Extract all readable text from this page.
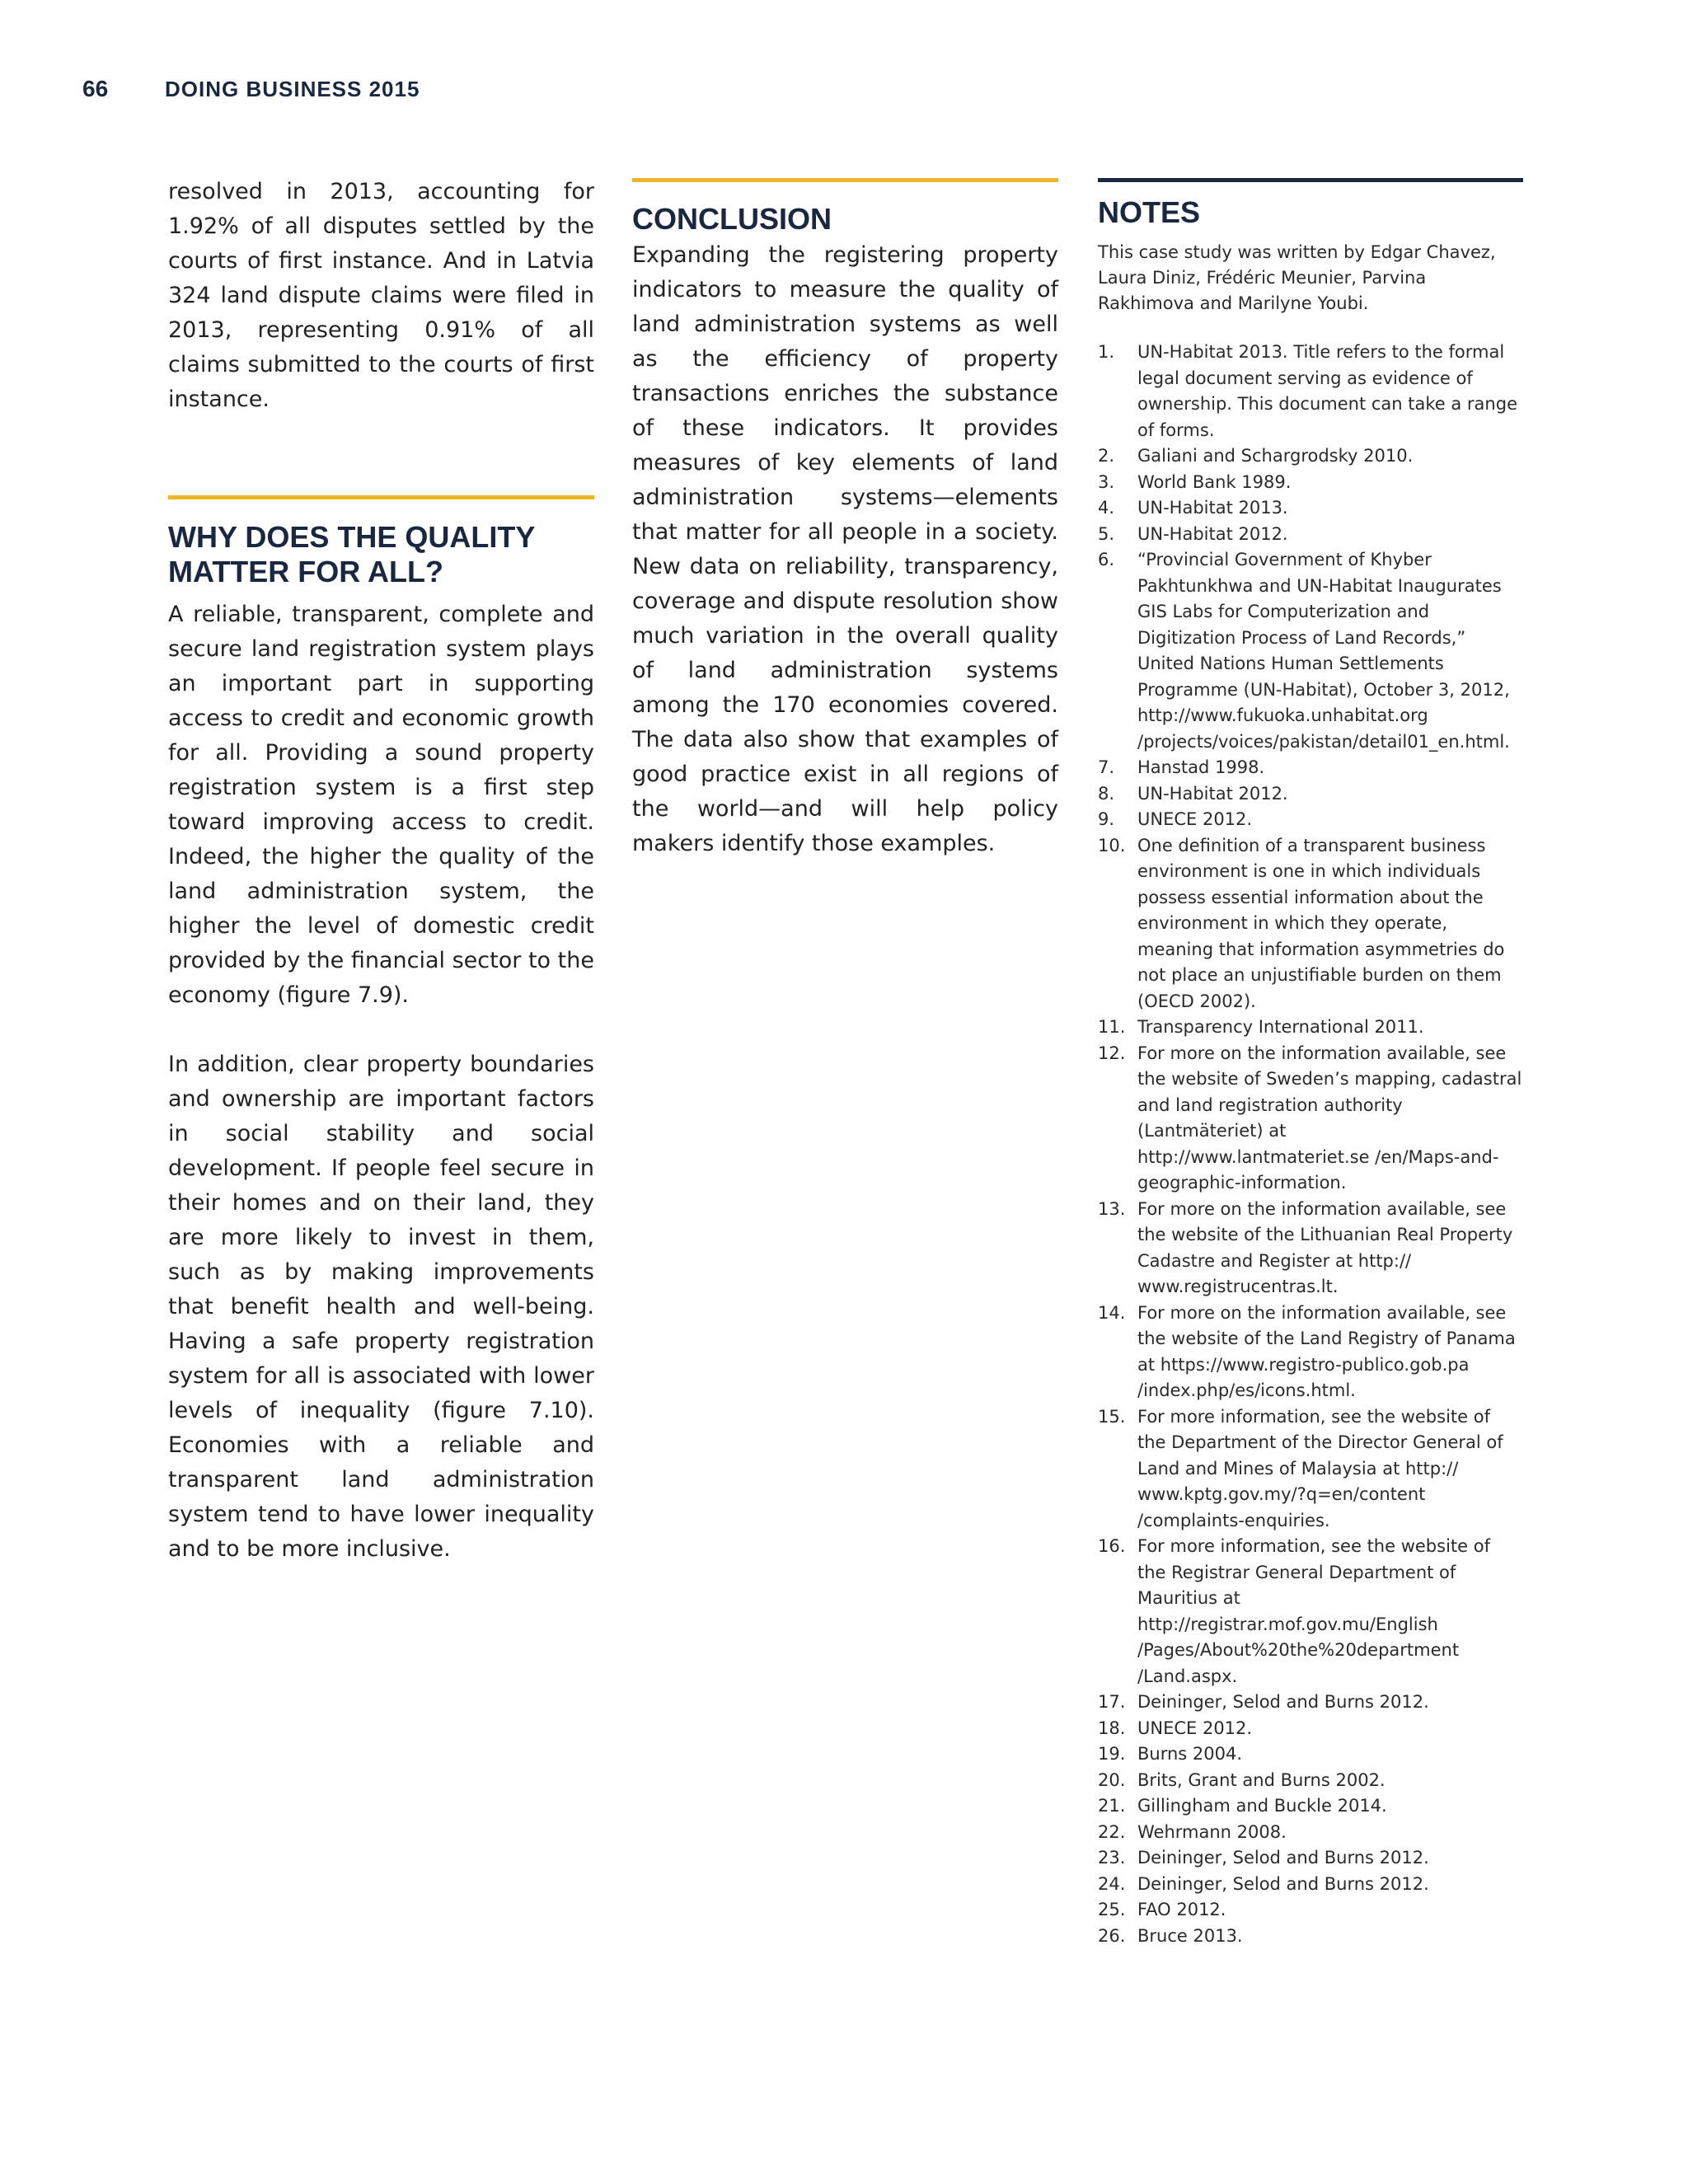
66	DOING BUSINESS 2015

resolved in 2013, accounting for 1.92% of all disputes settled by the courts of first instance. And in Latvia 324 land dispute claims were filed in 2013, representing 0.91% of all claims submitted to the courts of first instance.

WHY DOES THE QUALITY MATTER FOR ALL?

A reliable, transparent, complete and secure land registration system plays an important part in supporting access to credit and economic growth for all. Providing a sound property registration system is a first step toward improving access to credit. Indeed, the higher the quality of the land administration system, the higher the level of domestic credit provided by the financial sector to the economy (figure 7.9).

In addition, clear property boundaries and ownership are important factors in social stability and social development. If people feel secure in their homes and on their land, they are more likely to invest in them, such as by making improvements that benefit health and well-being. Having a safe property registration system for all is associated with lower levels of inequality (figure 7.10). Economies with a reliable and transparent land administration system tend to have lower inequality and to be more inclusive.

CONCLUSION

Expanding the registering property indicators to measure the quality of land administration systems as well as the efficiency of property transactions enriches the substance of these indicators. It provides measures of key elements of land administration systems—elements that matter for all people in a society. New data on reliability, transparency, coverage and dispute resolution show much variation in the overall quality of land administration systems among the 170 economies covered. The data also show that examples of good practice exist in all regions of the world—and will help policy makers identify those examples.

NOTES

This case study was written by Edgar Chavez, Laura Diniz, Frédéric Meunier, Parvina Rakhimova and Marilyne Youbi.

1.	UN-Habitat 2013. Title refers to the formal legal document serving as evidence of ownership. This document can take a range of forms.
2.	Galiani and Schargrodsky 2010.
3.	World Bank 1989.
4.	UN-Habitat 2013.
5.	UN-Habitat 2012.
6.	“Provincial Government of Khyber Pakhtunkhwa and UN-Habitat Inaugurates GIS Labs for Computerization and Digitization Process of Land Records,” United Nations Human Settlements Programme (UN-Habitat), October 3, 2012, http://www.fukuoka.unhabitat.org /projects/voices/pakistan/detail01_en.html.
7.	Hanstad 1998.
8.	UN-Habitat 2012.
9.	UNECE 2012.
10. One definition of a transparent business environment is one in which individuals possess essential information about the environment in which they operate, meaning that information asymmetries do not place an unjustifiable burden on them (OECD 2002).
11. Transparency International 2011.
12. For more on the information available, see the website of Sweden’s mapping, cadastral and land registration authority (Lantmäteriet) at http://www.lantmateriet.se /en/Maps-and-geographic-information.
13. For more on the information available, see the website of the Lithuanian Real Property Cadastre and Register at http:// www.registrucentras.lt.
14. For more on the information available, see the website of the Land Registry of Panama at https://www.registro-publico.gob.pa /index.php/es/icons.html.
15. For more information, see the website of the Department of the Director General of Land and Mines of Malaysia at http:// www.kptg.gov.my/?q=en/content /complaints-enquiries.
16. For more information, see the website of the Registrar General Department of Mauritius at http://registrar.mof.gov.mu/English /Pages/About%20the%20department /Land.aspx.
17. Deininger, Selod and Burns 2012.
18. UNECE 2012.
19. Burns 2004.
20. Brits, Grant and Burns 2002.
21. Gillingham and Buckle 2014.
22. Wehrmann 2008.
23. Deininger, Selod and Burns 2012.
24. Deininger, Selod and Burns 2012.
25. FAO 2012.
26. Bruce 2013.
